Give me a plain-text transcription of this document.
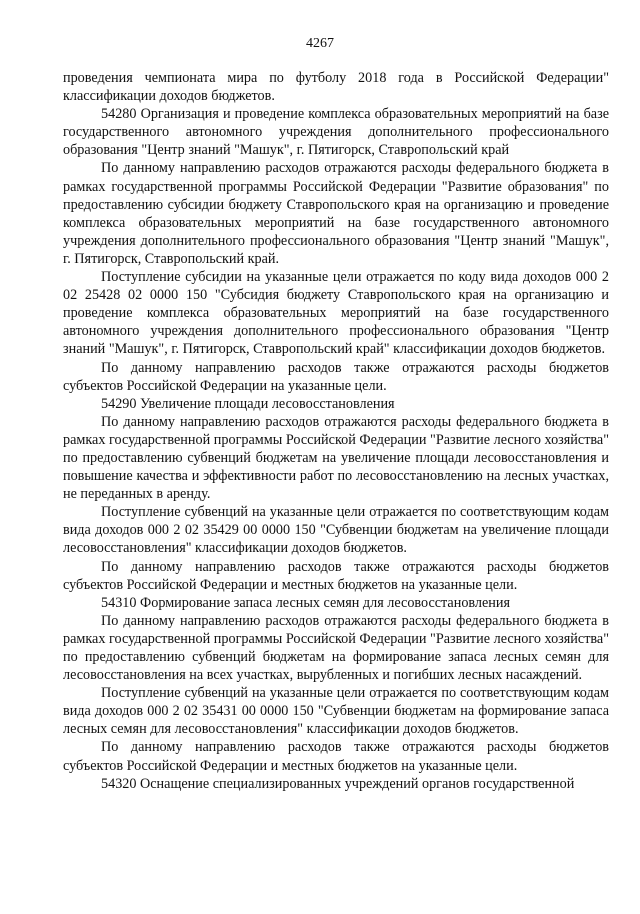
4267

проведения чемпионата мира по футболу 2018 года в Российской Федерации" классификации доходов бюджетов.

54280 Организация и проведение комплекса образовательных мероприятий на базе государственного автономного учреждения дополнительного профессионального образования "Центр знаний "Машук", г. Пятигорск, Ставропольский край

По данному направлению расходов отражаются расходы федерального бюджета в рамках государственной программы Российской Федерации "Развитие образования" по предоставлению субсидии бюджету Ставропольского края на организацию и проведение комплекса образовательных мероприятий на базе государственного автономного учреждения дополнительного профессионального образования "Центр знаний "Машук", г. Пятигорск, Ставропольский край.

Поступление субсидии на указанные цели отражается по коду вида доходов 000 2 02 25428 02 0000 150 "Субсидия бюджету Ставропольского края на организацию и проведение комплекса образовательных мероприятий на базе государственного автономного учреждения дополнительного профессионального образования "Центр знаний "Машук", г. Пятигорск, Ставропольский край" классификации доходов бюджетов.

По данному направлению расходов также отражаются расходы бюджетов субъектов Российской Федерации на указанные цели.

54290 Увеличение площади лесовосстановления

По данному направлению расходов отражаются расходы федерального бюджета в рамках государственной программы Российской Федерации "Развитие лесного хозяйства" по предоставлению субвенций бюджетам на увеличение площади лесовосстановления и повышение качества и эффективности работ по лесовосстановлению на лесных участках, не переданных в аренду.

Поступление субвенций на указанные цели отражается по соответствующим кодам вида доходов 000 2 02 35429 00 0000 150 "Субвенции бюджетам на увеличение площади лесовосстановления" классификации доходов бюджетов.

По данному направлению расходов также отражаются расходы бюджетов субъектов Российской Федерации и местных бюджетов на указанные цели.

54310 Формирование запаса лесных семян для лесовосстановления

По данному направлению расходов отражаются расходы федерального бюджета в рамках государственной программы Российской Федерации "Развитие лесного хозяйства" по предоставлению субвенций бюджетам на формирование запаса лесных семян для лесовосстановления на всех участках, вырубленных и погибших лесных насаждений.

Поступление субвенций на указанные цели отражается по соответствующим кодам вида доходов 000 2 02 35431 00 0000 150 "Субвенции бюджетам на формирование запаса лесных семян для лесовосстановления" классификации доходов бюджетов.

По данному направлению расходов также отражаются расходы бюджетов субъектов Российской Федерации и местных бюджетов на указанные цели.

54320 Оснащение специализированных учреждений органов государственной
